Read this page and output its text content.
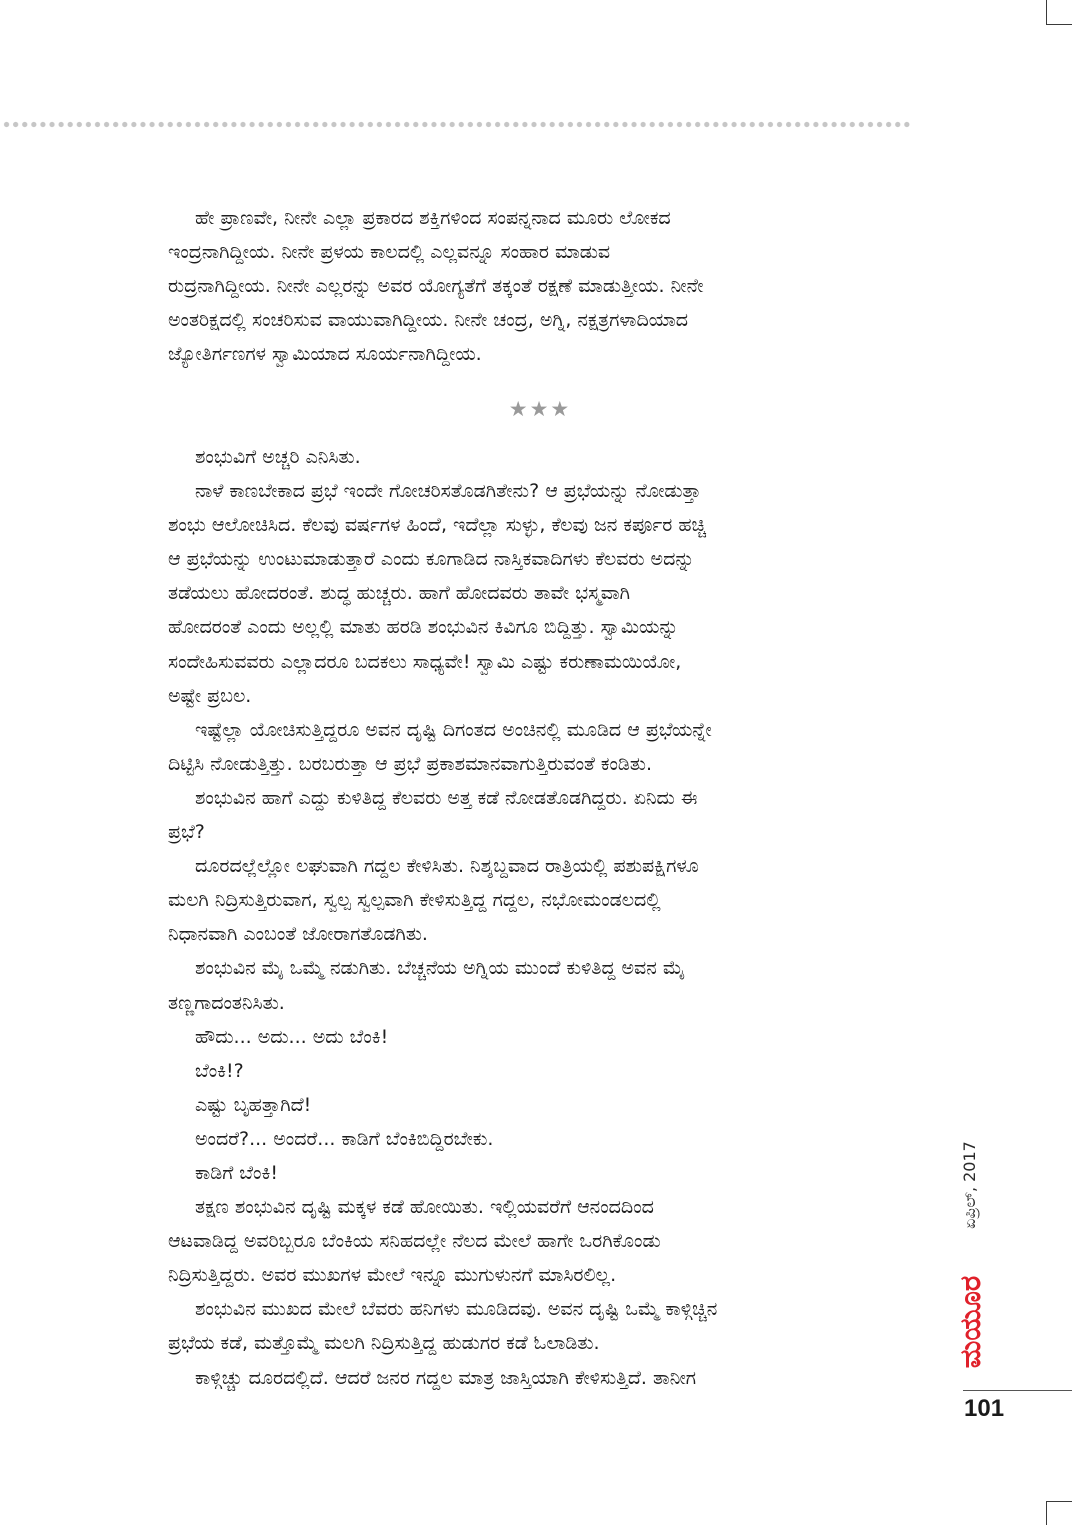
ಹೇ ಪ್ರಾಣವೇ, ನೀನೇ ಎಲ್ಲಾ ಪ್ರಕಾರದ ಶಕ್ತಿಗಳಿಂದ ಸಂಪನ್ನನಾದ ಮೂರು ಲೋಕದ
ಇಂದ್ರನಾಗಿದ್ದೀಯ. ನೀನೇ ಪ್ರಳಯ ಕಾಲದಲ್ಲಿ ಎಲ್ಲವನ್ನೂ ಸಂಹಾರ ಮಾಡುವ
ರುದ್ರನಾಗಿದ್ದೀಯ. ನೀನೇ ಎಲ್ಲರನ್ನು ಅವರ ಯೋಗ್ಯತೆಗೆ ತಕ್ಕಂತೆ ರಕ್ಷಣೆ ಮಾಡುತ್ತೀಯ. ನೀನೇ
ಅಂತರಿಕ್ಷದಲ್ಲಿ ಸಂಚರಿಸುವ ವಾಯುವಾಗಿದ್ದೀಯ. ನೀನೇ ಚಂದ್ರ, ಅಗ್ನಿ, ನಕ್ಷತ್ರಗಳಾದಿಯಾದ
ಜ್ಯೋತಿರ್ಗಣಗಳ ಸ್ವಾಮಿಯಾದ ಸೂರ್ಯನಾಗಿದ್ದೀಯ.
★★★
ಶಂಭುವಿಗೆ ಅಚ್ಚರಿ ಎನಿಸಿತು.
ನಾಳೆ ಕಾಣಬೇಕಾದ ಪ್ರಭೆ ಇಂದೇ ಗೋಚರಿಸತೊಡಗಿತೇನು? ಆ ಪ್ರಭೆಯನ್ನು ನೋಡುತ್ತಾ
ಶಂಭು ಆಲೋಚಿಸಿದ. ಕೆಲವು ವರ್ಷಗಳ ಹಿಂದೆ, ಇದೆಲ್ಲಾ ಸುಳ್ಳು, ಕೆಲವು ಜನ ಕರ್ಪೂರ ಹಚ್ಚಿ
ಆ ಪ್ರಭೆಯನ್ನು ಉಂಟುಮಾಡುತ್ತಾರೆ ಎಂದು ಕೂಗಾಡಿದ ನಾಸ್ತಿಕವಾದಿಗಳು ಕೆಲವರು ಅದನ್ನು
ತಡೆಯಲು ಹೋದರಂತೆ. ಶುದ್ಧ ಹುಚ್ಚರು. ಹಾಗೆ ಹೋದವರು ತಾವೇ ಭಸ್ಮವಾಗಿ
ಹೋದರಂತೆ ಎಂದು ಅಲ್ಲಲ್ಲಿ ಮಾತು ಹರಡಿ ಶಂಭುವಿನ ಕಿವಿಗೂ ಬಿದ್ದಿತ್ತು. ಸ್ವಾಮಿಯನ್ನು
ಸಂದೇಹಿಸುವವರು ಎಲ್ಲಾದರೂ ಬದಕಲು ಸಾಧ್ಯವೇ! ಸ್ವಾಮಿ ಎಷ್ಟು ಕರುಣಾಮಯಿಯೋ,
ಅಷ್ಟೇ ಪ್ರಬಲ.
ಇಷ್ಟೆಲ್ಲಾ ಯೋಚಿಸುತ್ತಿದ್ದರೂ ಅವನ ದೃಷ್ಟಿ ದಿಗಂತದ ಅಂಚಿನಲ್ಲಿ ಮೂಡಿದ ಆ ಪ್ರಭೆಯನ್ನೇ
ದಿಟ್ಟಿಸಿ ನೋಡುತ್ತಿತ್ತು. ಬರಬರುತ್ತಾ ಆ ಪ್ರಭೆ ಪ್ರಕಾಶಮಾನವಾಗುತ್ತಿರುವಂತೆ ಕಂಡಿತು.
ಶಂಭುವಿನ ಹಾಗೆ ಎದ್ದು ಕುಳಿತಿದ್ದ ಕೆಲವರು ಅತ್ತ ಕಡೆ ನೋಡತೊಡಗಿದ್ದರು. ಏನಿದು ಈ
ಪ್ರಭೆ?
ದೂರದಲ್ಲೆಲ್ಲೋ ಲಘುವಾಗಿ ಗದ್ದಲ ಕೇಳಿಸಿತು. ನಿಶ್ಶಬ್ದವಾದ ರಾತ್ರಿಯಲ್ಲಿ ಪಶುಪಕ್ಷಿಗಳೂ
ಮಲಗಿ ನಿದ್ರಿಸುತ್ತಿರುವಾಗ, ಸ್ವಲ್ಪ ಸ್ವಲ್ಪವಾಗಿ ಕೇಳಿಸುತ್ತಿದ್ದ ಗದ್ದಲ, ನಭೋಮಂಡಲದಲ್ಲಿ
ನಿಧಾನವಾಗಿ ಎಂಬಂತೆ ಜೋರಾಗತೊಡಗಿತು.
ಶಂಭುವಿನ ಮೈ ಒಮ್ಮೆ ನಡುಗಿತು. ಬೆಚ್ಚನೆಯ ಅಗ್ನಿಯ ಮುಂದೆ ಕುಳಿತಿದ್ದ ಅವನ ಮೈ
ತಣ್ಣಗಾದಂತನಿಸಿತು.
ಹೌದು... ಅದು... ಅದು ಬೆಂಕಿ!
ಬೆಂಕಿ!?
ಎಷ್ಟು ಬೃಹತ್ತಾಗಿದೆ!
ಅಂದರೆ?... ಅಂದರೆ... ಕಾಡಿಗೆ ಬೆಂಕಿಬಿದ್ದಿರಬೇಕು.
ಕಾಡಿಗೆ ಬೆಂಕಿ!
ತಕ್ಷಣ ಶಂಭುವಿನ ದೃಷ್ಟಿ ಮಕ್ಕಳ ಕಡೆ ಹೋಯಿತು. ಇಲ್ಲಿಯವರೆಗೆ ಆನಂದದಿಂದ
ಆಟವಾಡಿದ್ದ ಅವರಿಬ್ಬರೂ ಬೆಂಕಿಯ ಸನಿಹದಲ್ಲೇ ನೆಲದ ಮೇಲೆ ಹಾಗೇ ಒರಗಿಕೊಂಡು
ನಿದ್ರಿಸುತ್ತಿದ್ದರು. ಅವರ ಮುಖಗಳ ಮೇಲೆ ಇನ್ನೂ ಮುಗುಳುನಗೆ ಮಾಸಿರಲಿಲ್ಲ.
ಶಂಭುವಿನ ಮುಖದ ಮೇಲೆ ಬೆವರು ಹನಿಗಳು ಮೂಡಿದವು. ಅವನ ದೃಷ್ಟಿ ಒಮ್ಮೆ ಕಾಳ್ಗಿಚ್ಚಿನ
ಪ್ರಭೆಯ ಕಡೆ, ಮತ್ತೊಮ್ಮೆ ಮಲಗಿ ನಿದ್ರಿಸುತ್ತಿದ್ದ ಹುಡುಗರ ಕಡೆ ಓಲಾಡಿತು.
ಕಾಳ್ಗಿಚ್ಚು ದೂರದಲ್ಲಿದೆ. ಆದರೆ ಜನರ ಗದ್ದಲ ಮಾತ್ರ ಜಾಸ್ತಿಯಾಗಿ ಕೇಳಿಸುತ್ತಿದೆ. ತಾನೀಗ
ಏಪ್ರಿಲ್, 2017
ಮಯೂರ
101
